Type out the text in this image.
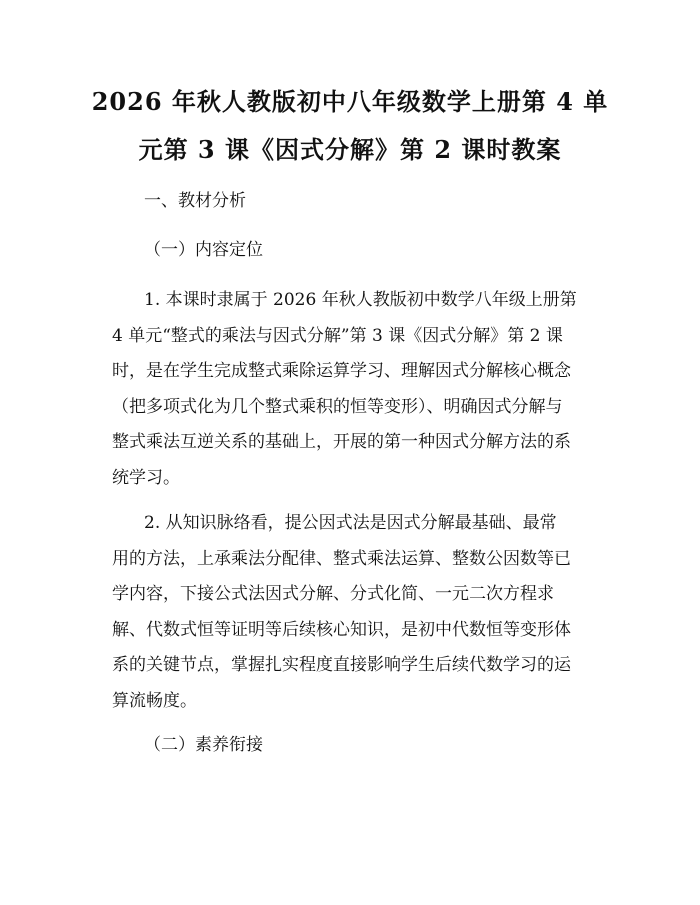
2026 年秋人教版初中八年级数学上册第 4 单
元第 3 课《因式分解》第 2 课时教案

一、教材分析

（一）内容定位

1. 本课时隶属于 2026 年秋人教版初中数学八年级上册第
4 单元“整式的乘法与因式分解”第 3 课《因式分解》第 2 课
时，是在学生完成整式乘除运算学习、理解因式分解核心概念
（把多项式化为几个整式乘积的恒等变形）、明确因式分解与
整式乘法互逆关系的基础上，开展的第一种因式分解方法的系
统学习。

2. 从知识脉络看，提公因式法是因式分解最基础、最常
用的方法，上承乘法分配律、整式乘法运算、整数公因数等已
学内容，下接公式法因式分解、分式化简、一元二次方程求
解、代数式恒等证明等后续核心知识，是初中代数恒等变形体
系的关键节点，掌握扎实程度直接影响学生后续代数学习的运
算流畅度。

（二）素养衔接
